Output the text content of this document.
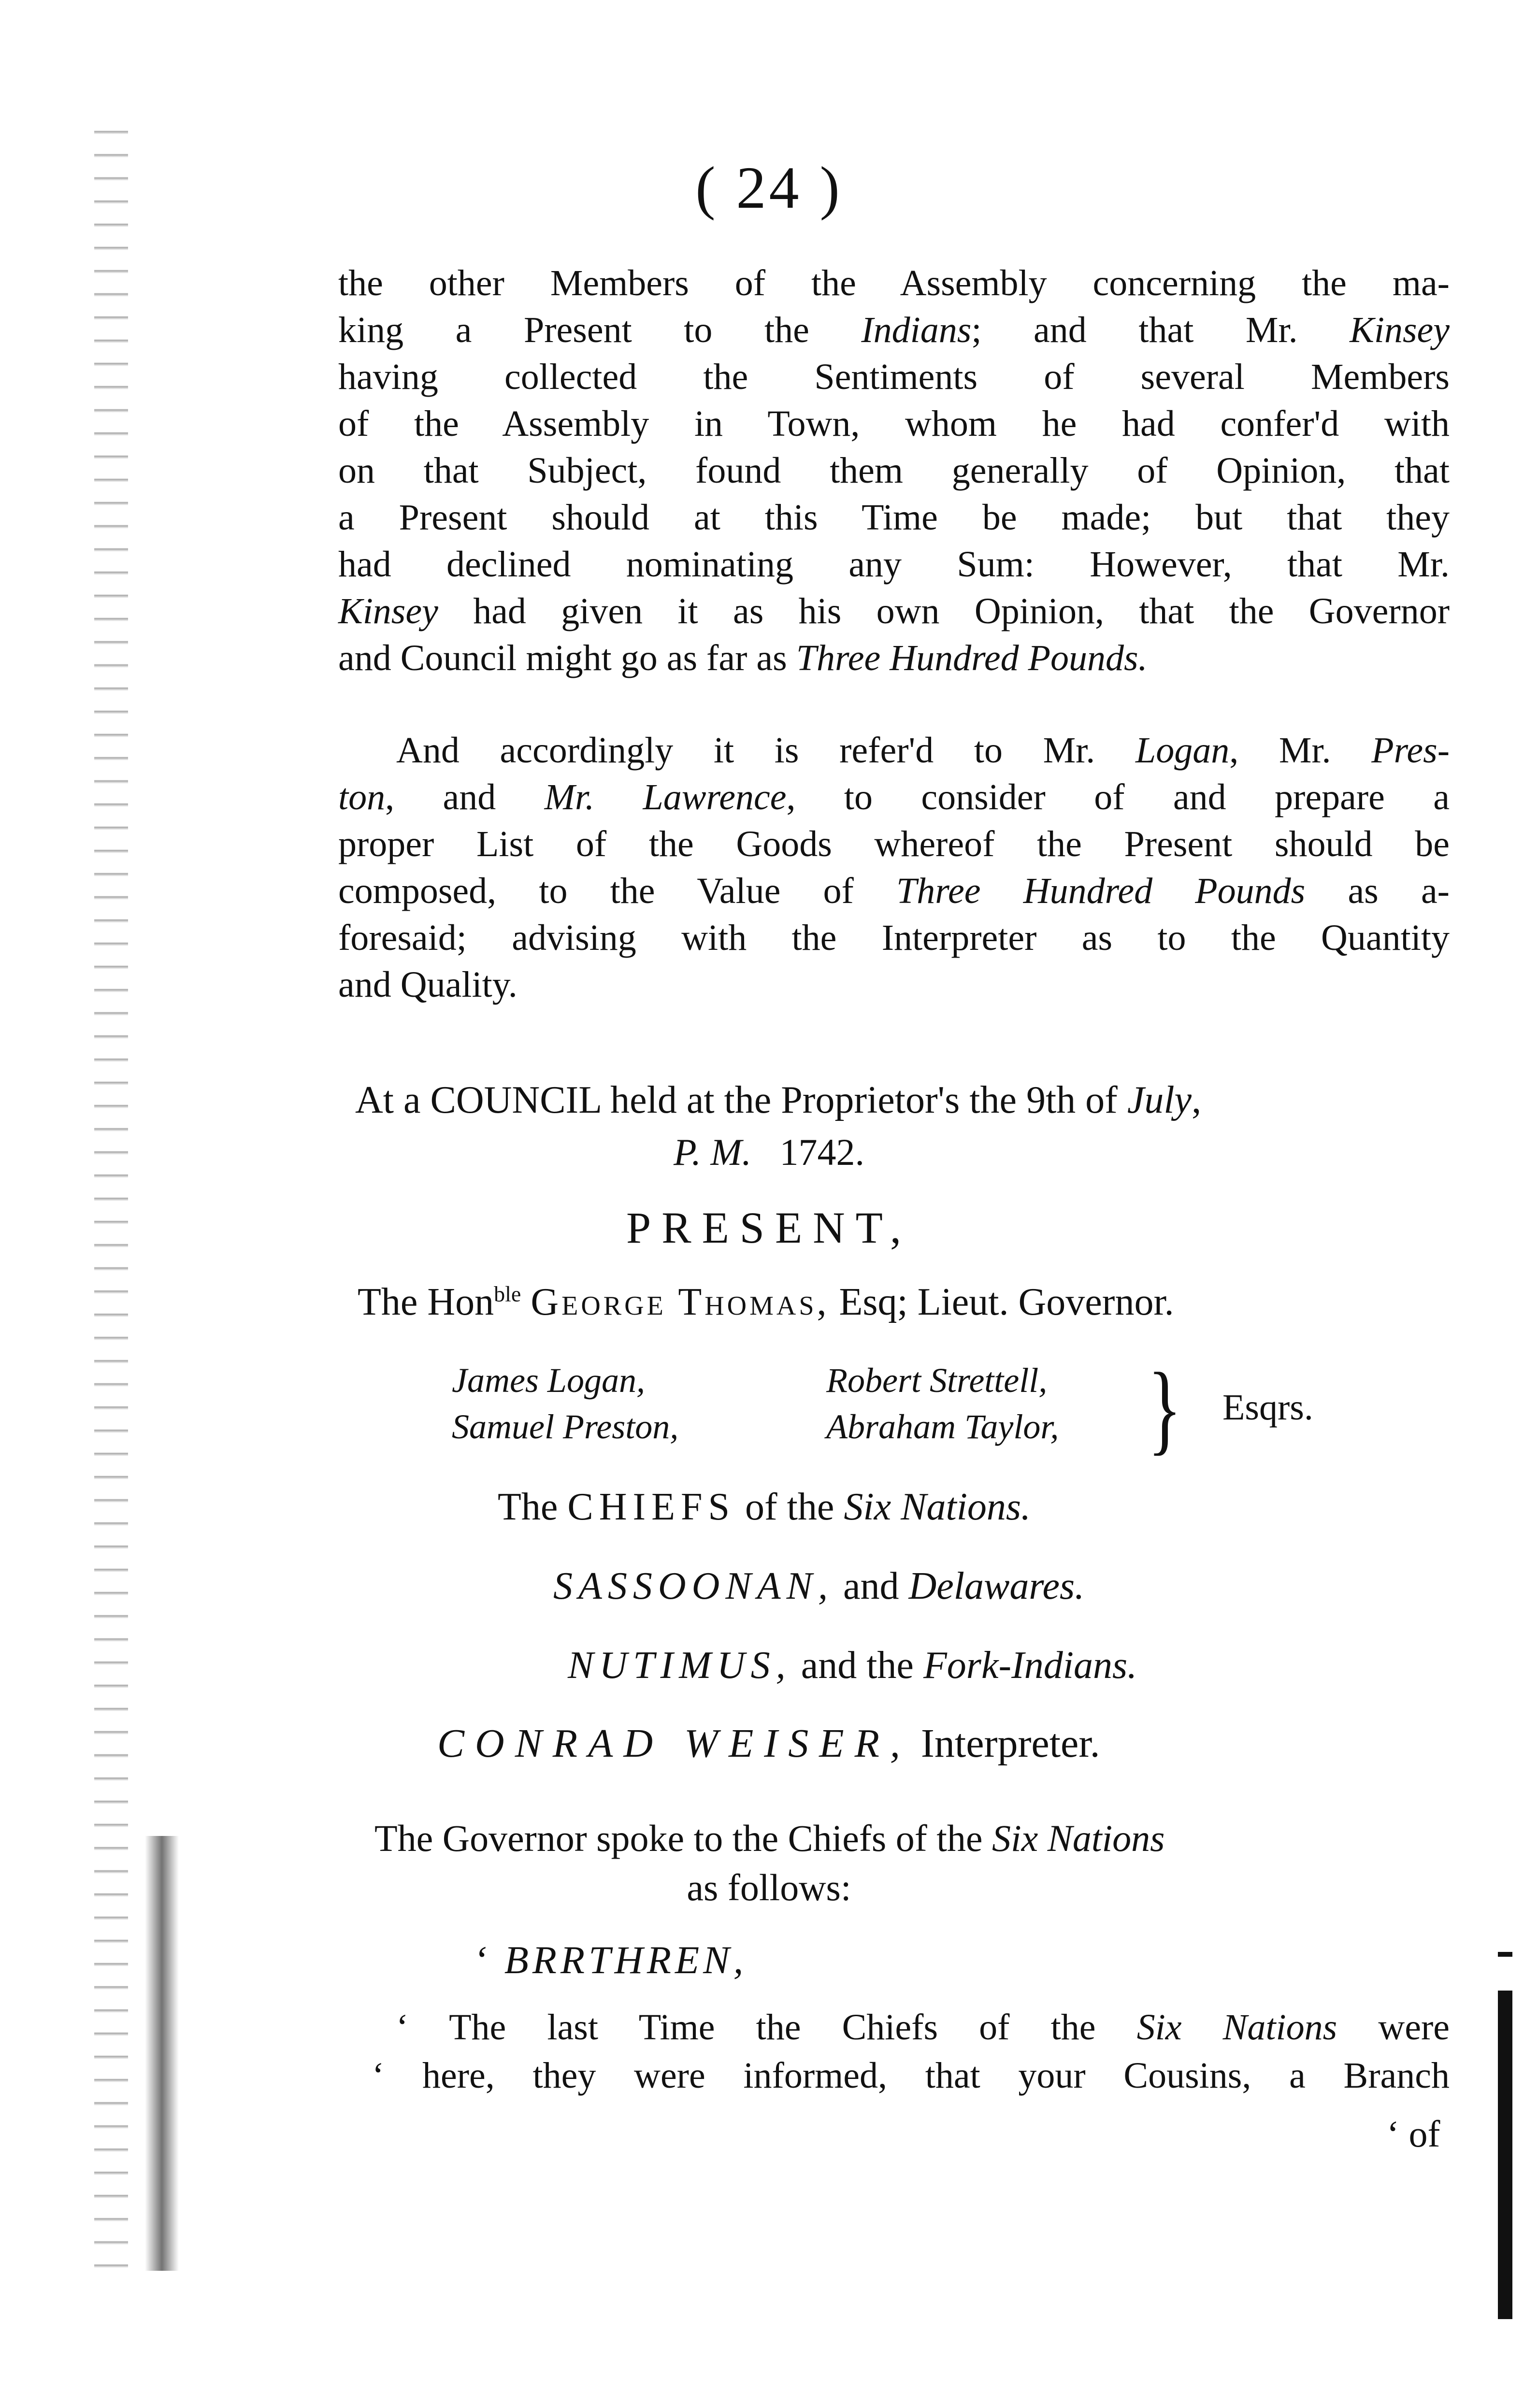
( 24 )
the other Members of the Assembly concerning the ma-
king a Present to the Indians; and that Mr. Kinsey
having collected the Sentiments of several Members
of the Assembly in Town, whom he had confer'd with
on that Subject, found them generally of Opinion, that
a Present should at this Time be made; but that they
had declined nominating any Sum: However, that Mr.
Kinsey had given it as his own Opinion, that the Governor
and Council might go as far as Three Hundred Pounds.
And accordingly it is refer'd to Mr. Logan, Mr. Pres-
ton, and Mr. Lawrence, to consider of and prepare a
proper List of the Goods whereof the Present should be
composed, to the Value of Three Hundred Pounds as a-
foresaid; advising with the Interpreter as to the Quantity
and Quality.
At a COUNCIL held at the Proprietor's the 9th of July,
P. M.   1742.
PRESENT,
The Hon$^{ble}$ George Thomas, Esq; Lieut. Governor.
James Logan,
Samuel Preston,
Robert Strettell,
Abraham Taylor, } Esqrs.
The CHIEFS of the Six Nations.
SASSOONAN, and Delawares.
NUTIMUS, and the Fork-Indians.
CONRAD WEISER, Interpreter.
The Governor spoke to the Chiefs of the Six Nations
as follows:
‘ BRRTHREN,
‘ The last Time the Chiefs of the Six Nations were
‘ here, they were informed, that your Cousins, a Branch
‘ of
